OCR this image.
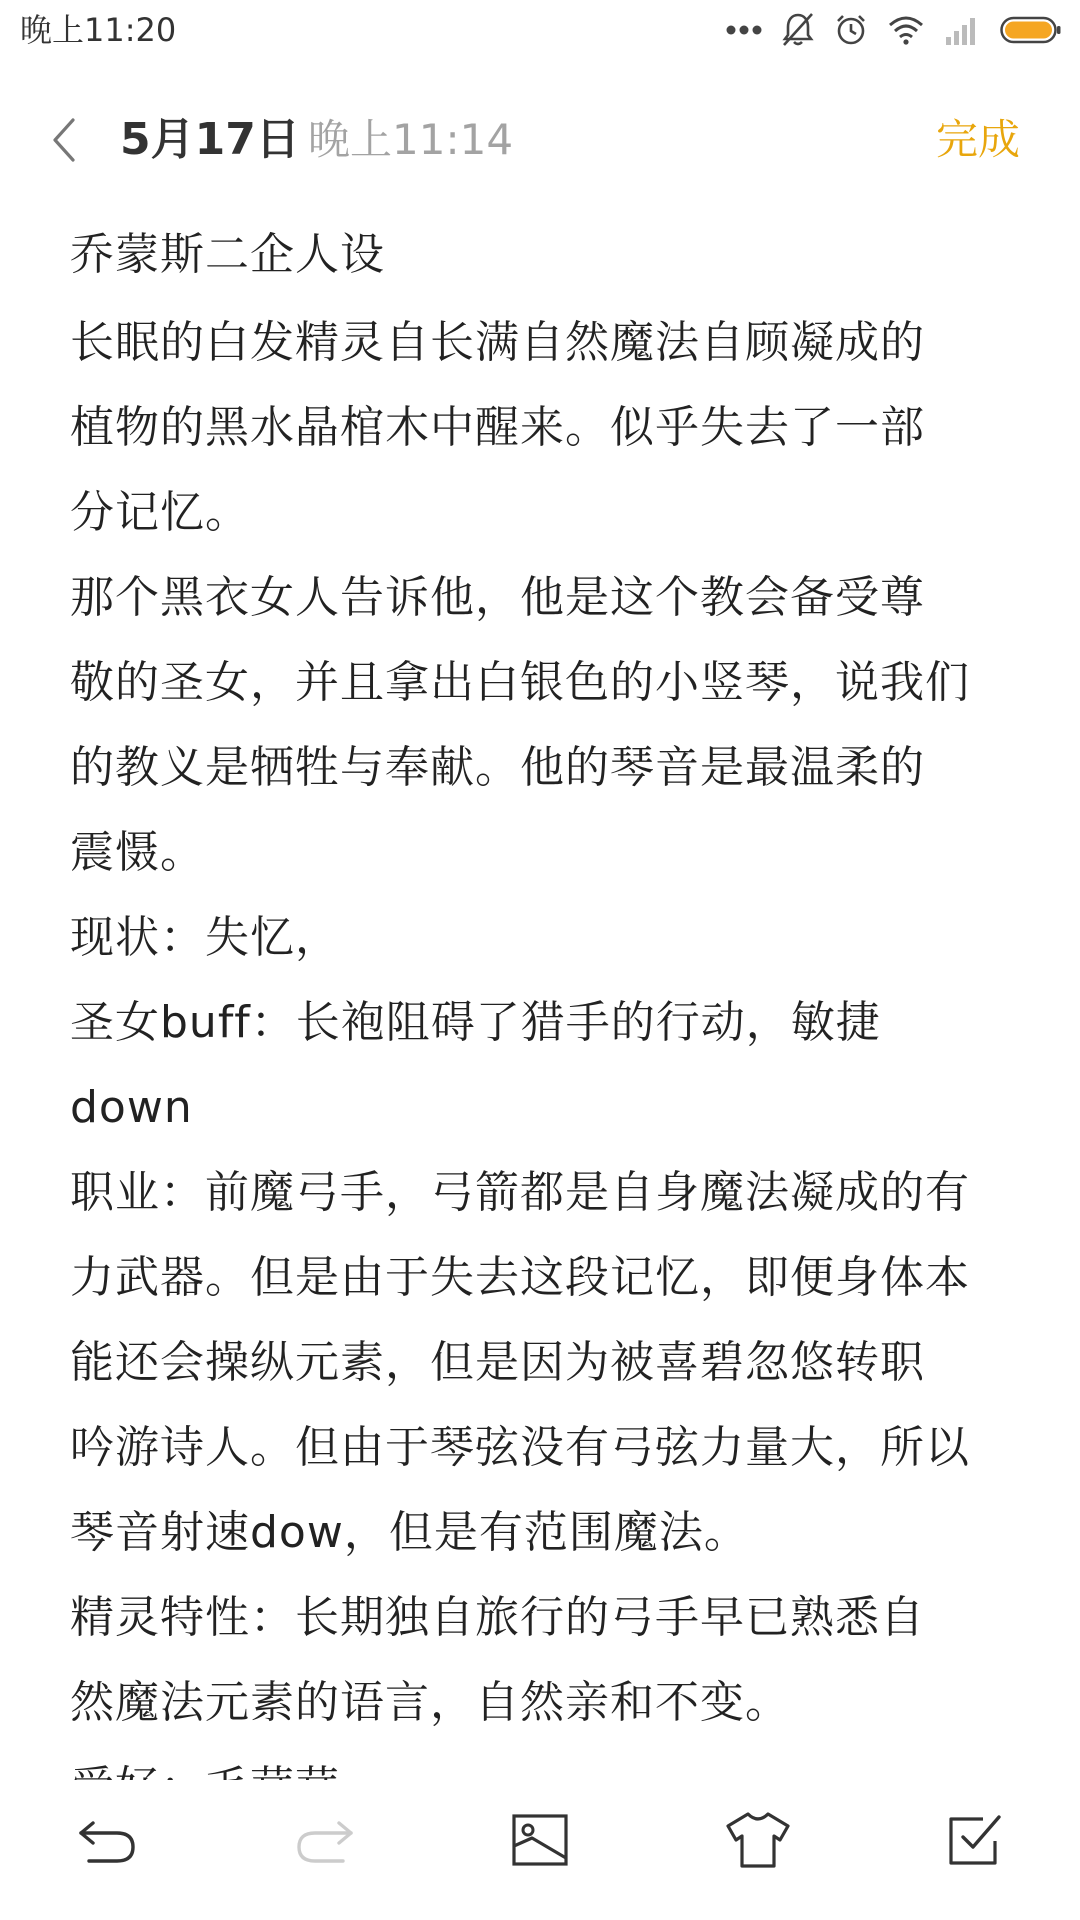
晚上11:20
5月17日 晚上11:14	完成
乔蒙斯二企人设
长眠的白发精灵自长满自然魔法自顾凝成的
植物的黑水晶棺木中醒来。似乎失去了一部
分记忆。
那个黑衣女人告诉他，他是这个教会备受尊
敬的圣女，并且拿出白银色的小竖琴，说我们
的教义是牺牲与奉献。他的琴音是最温柔的
震慑。
现状：失忆，
圣女buff：长袍阻碍了猎手的行动，敏捷
down
职业：前魔弓手，弓箭都是自身魔法凝成的有
力武器。但是由于失去这段记忆，即便身体本
能还会操纵元素，但是因为被喜碧忽悠转职
吟游诗人。但由于琴弦没有弓弦力量大，所以
琴音射速dow，但是有范围魔法。
精灵特性：长期独自旅行的弓手早已熟悉自
然魔法元素的语言，自然亲和不变。
